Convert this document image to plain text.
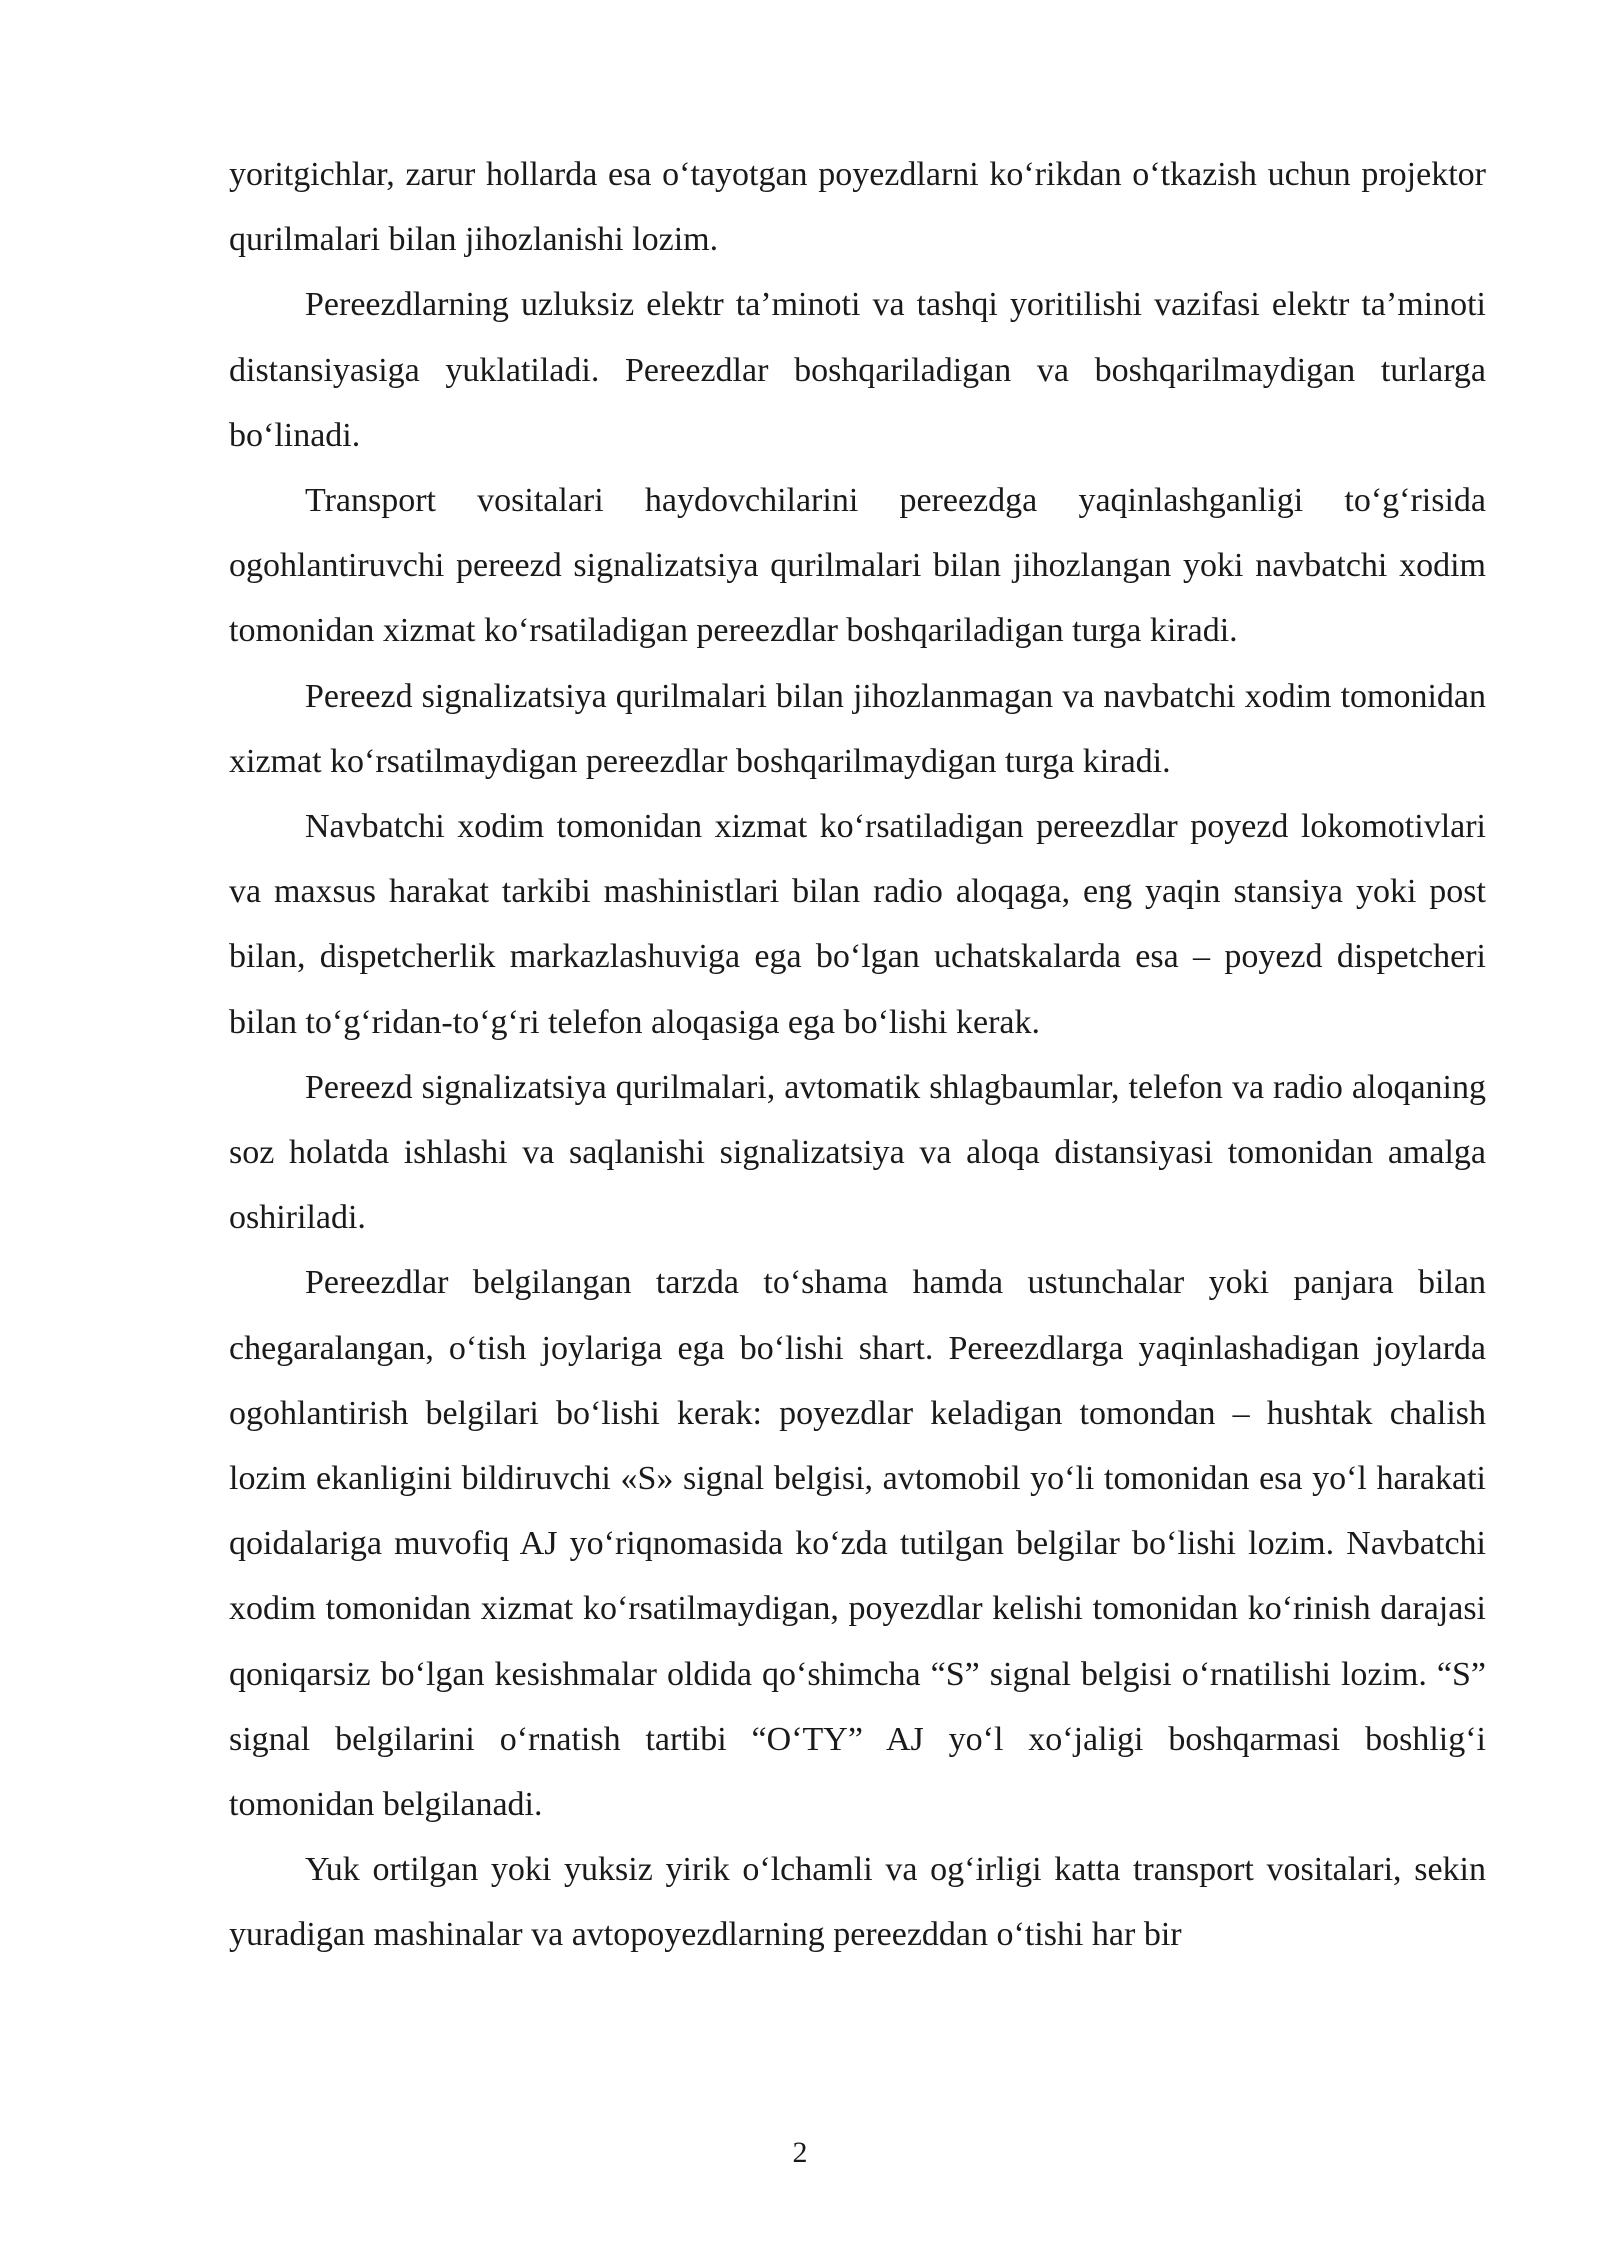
yoritgichlar, zarur hollarda esa o‘tayotgan poyezdlarni ko‘rikdan o‘tkazish uchun projektor qurilmalari bilan jihozlanishi lozim.

Pereezdlarning uzluksiz elektr ta’minoti va tashqi yoritilishi vazifasi elektr ta’minoti distansiyasiga yuklatiladi. Pereezdlar boshqariladigan va boshqarilmaydigan turlarga bo‘linadi.

Transport vositalari haydovchilarini pereezdga yaqinlashganligi to‘g‘risida ogohlantiruvchi pereezd signalizatsiya qurilmalari bilan jihozlangan yoki navbatchi xodim tomonidan xizmat ko‘rsatiladigan pereezdlar boshqariladigan turga kiradi.

Pereezd signalizatsiya qurilmalari bilan jihozlanmagan va navbatchi xodim tomonidan xizmat ko‘rsatilmaydigan pereezdlar boshqarilmaydigan turga kiradi.

Navbatchi xodim tomonidan xizmat ko‘rsatiladigan pereezdlar poyezd lokomotivlari va maxsus harakat tarkibi mashinistlari bilan radio aloqaga, eng yaqin stansiya yoki post bilan, dispetcherlik markazlashuviga ega bo‘lgan uchatskalarda esa – poyezd dispetcheri bilan to‘g‘ridan-to‘g‘ri telefon aloqasiga ega bo‘lishi kerak.

Pereezd signalizatsiya qurilmalari, avtomatik shlagbaumlar, telefon va radio aloqaning soz holatda ishlashi va saqlanishi signalizatsiya va aloqa distansiyasi tomonidan amalga oshiriladi.

Pereezdlar belgilangan tarzda to‘shama hamda ustunchalar yoki panjara bilan chegaralangan, o‘tish joylariga ega bo‘lishi shart. Pereezdlarga yaqinlashadigan joylarda ogohlantirish belgilari bo‘lishi kerak: poyezdlar keladigan tomondan – hushtak chalish lozim ekanligini bildiruvchi «S» signal belgisi, avtomobil yo‘li tomonidan esa yo‘l harakati qoidalariga muvofiq AJ yo‘riqnomasida ko‘zda tutilgan belgilar bo‘lishi lozim. Navbatchi xodim tomonidan xizmat ko‘rsatilmaydigan, poyezdlar kelishi tomonidan ko‘rinish darajasi qoniqarsiz bo‘lgan kesishmalar oldida qo‘shimcha “S” signal belgisi o‘rnatilishi lozim. “S” signal belgilarini o‘rnatish tartibi “O‘TY” AJ yo‘l xo‘jaligi boshqarmasi boshlig‘i tomonidan belgilanadi.

Yuk ortilgan yoki yuksiz yirik o‘lchamli va og‘irligi katta transport vositalari, sekin yuradigan mashinalar va avtopoyezdlarning pereezddan o‘tishi har bir

2
